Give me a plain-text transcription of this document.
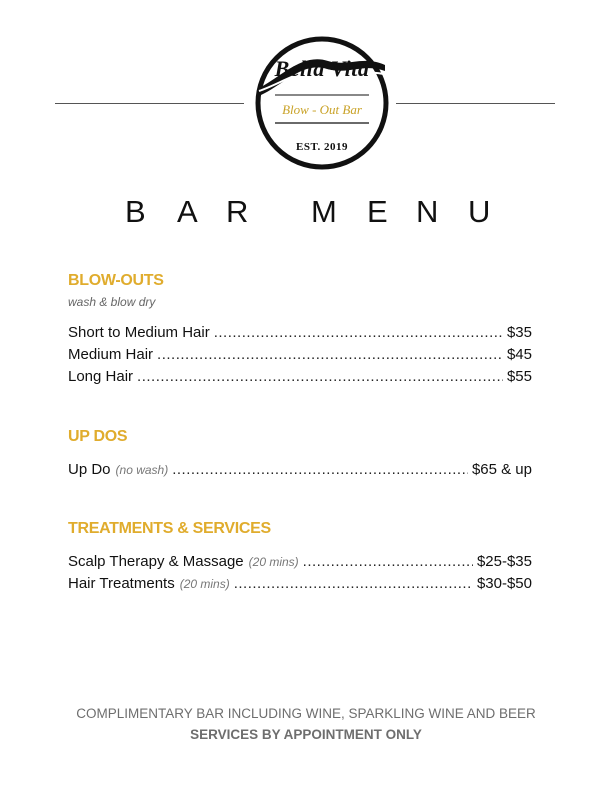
Bella Vita
Blow - Out Bar
EST. 2019
B A R M E N U
BLOW-OUTS
wash & blow dry
Short to Medium Hair .....	$35
Medium Hair .....	$45
Long Hair .....	$55
UP DOS
Up Do (no wash) .....	$65 & up
TREATMENTS & SERVICES
Scalp Therapy & Massage (20 mins) .....	$25-$35
Hair Treatments (20 mins) .....	$30-$50
COMPLIMENTARY BAR INCLUDING WINE, SPARKLING WINE AND BEER
SERVICES BY APPOINTMENT ONLY
